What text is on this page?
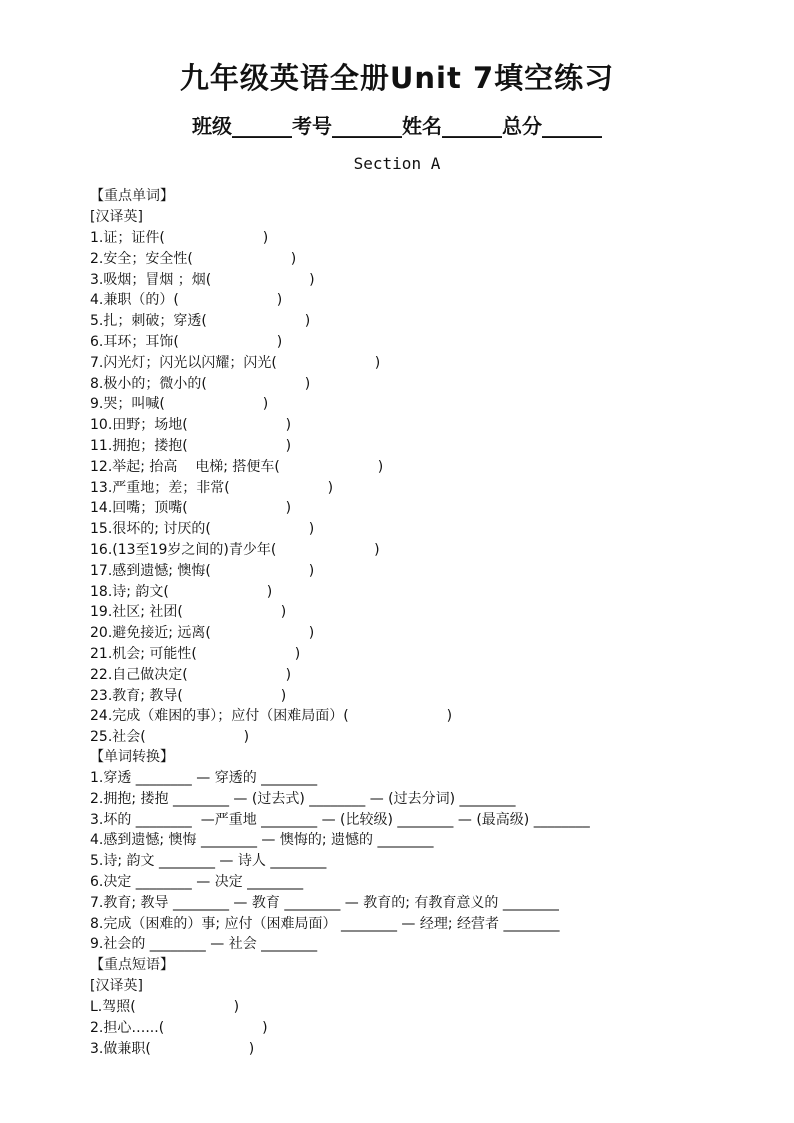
九年级英语全册Unit 7填空练习
班级______考号_______姓名______总分______
Section A
【重点单词】
[汉译英]
1.证；证件(                      )
2.安全；安全性(                      )
3.吸烟；冒烟 ；烟(                      )
4.兼职（的）(                      )
5.扎；刺破；穿透(                      )
6.耳环；耳饰(                      )
7.闪光灯；闪光以闪耀；闪光(                      )
8.极小的；微小的(                      )
9.哭；叫喊(                      )
10.田野；场地(                      )
11.拥抱；搂抱(                      )
12.举起; 抬高    电梯; 搭便车(                      )
13.严重地；差；非常(                      )
14.回嘴；顶嘴(                      )
15.很坏的; 讨厌的(                      )
16.(13至19岁之间的)青少年(                      )
17.感到遗憾; 懊悔(                      )
18.诗; 韵文(                      )
19.社区; 社团(                      )
20.避免接近; 远离(                      )
21.机会; 可能性(                      )
22.自己做决定(                      )
23.教育; 教导(                      )
24.完成（难困的事）；应付（困难局面）(                      )
25.社会(                      )
【单词转换】
1.穿透 ________ — 穿透的 ________
2.拥抱; 搂抱 ________ — (过去式) ________ — (过去分词) ________
3.坏的 ________  —严重地 ________ — (比较级) ________ — (最高级) ________
4.感到遗憾; 懊悔 ________ — 懊悔的; 遗憾的 ________
5.诗; 韵文 ________ — 诗人 ________
6.决定 ________ — 决定 ________
7.教育; 教导 ________ — 教育 ________ — 教育的; 有教育意义的 ________
8.完成（困难的）事; 应付（困难局面） ________ — 经理; 经营者 ________
9.社会的 ________ — 社会 ________
【重点短语】
[汉译英]
L.驾照(                      )
2.担心…...(                      )
3.做兼职(                      )
